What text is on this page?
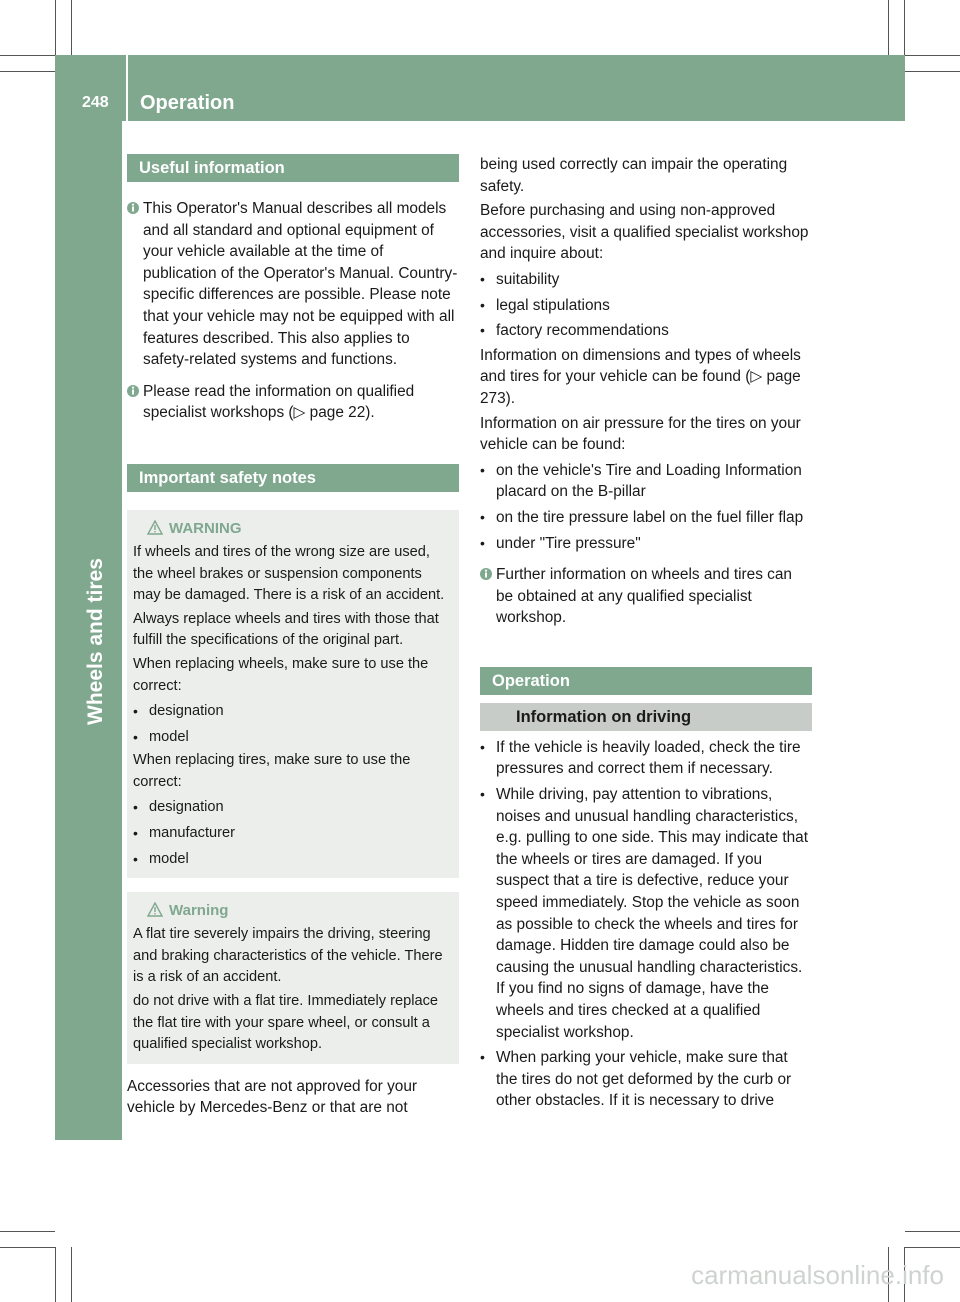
248 Operation
Wheels and tires
Useful information
This Operator's Manual describes all models and all standard and optional equipment of your vehicle available at the time of publication of the Operator's Manual. Country-specific differences are possible. Please note that your vehicle may not be equipped with all features described. This also applies to safety-related systems and functions.
Please read the information on qualified specialist workshops (▷ page 22).
Important safety notes
WARNING
If wheels and tires of the wrong size are used, the wheel brakes or suspension components may be damaged. There is a risk of an accident.
Always replace wheels and tires with those that fulfill the specifications of the original part.
When replacing wheels, make sure to use the correct:
• designation
• model
When replacing tires, make sure to use the correct:
• designation
• manufacturer
• model
Warning
A flat tire severely impairs the driving, steering and braking characteristics of the vehicle. There is a risk of an accident.
do not drive with a flat tire. Immediately replace the flat tire with your spare wheel, or consult a qualified specialist workshop.
Accessories that are not approved for your vehicle by Mercedes-Benz or that are not
being used correctly can impair the operating safety.
Before purchasing and using non-approved accessories, visit a qualified specialist workshop and inquire about:
• suitability
• legal stipulations
• factory recommendations
Information on dimensions and types of wheels and tires for your vehicle can be found (▷ page 273).
Information on air pressure for the tires on your vehicle can be found:
• on the vehicle's Tire and Loading Information placard on the B-pillar
• on the tire pressure label on the fuel filler flap
• under "Tire pressure"
Further information on wheels and tires can be obtained at any qualified specialist workshop.
Operation
Information on driving
• If the vehicle is heavily loaded, check the tire pressures and correct them if necessary.
• While driving, pay attention to vibrations, noises and unusual handling characteristics, e.g. pulling to one side. This may indicate that the wheels or tires are damaged. If you suspect that a tire is defective, reduce your speed immediately. Stop the vehicle as soon as possible to check the wheels and tires for damage. Hidden tire damage could also be causing the unusual handling characteristics. If you find no signs of damage, have the wheels and tires checked at a qualified specialist workshop.
• When parking your vehicle, make sure that the tires do not get deformed by the curb or other obstacles. If it is necessary to drive
carmanualsonline.info
